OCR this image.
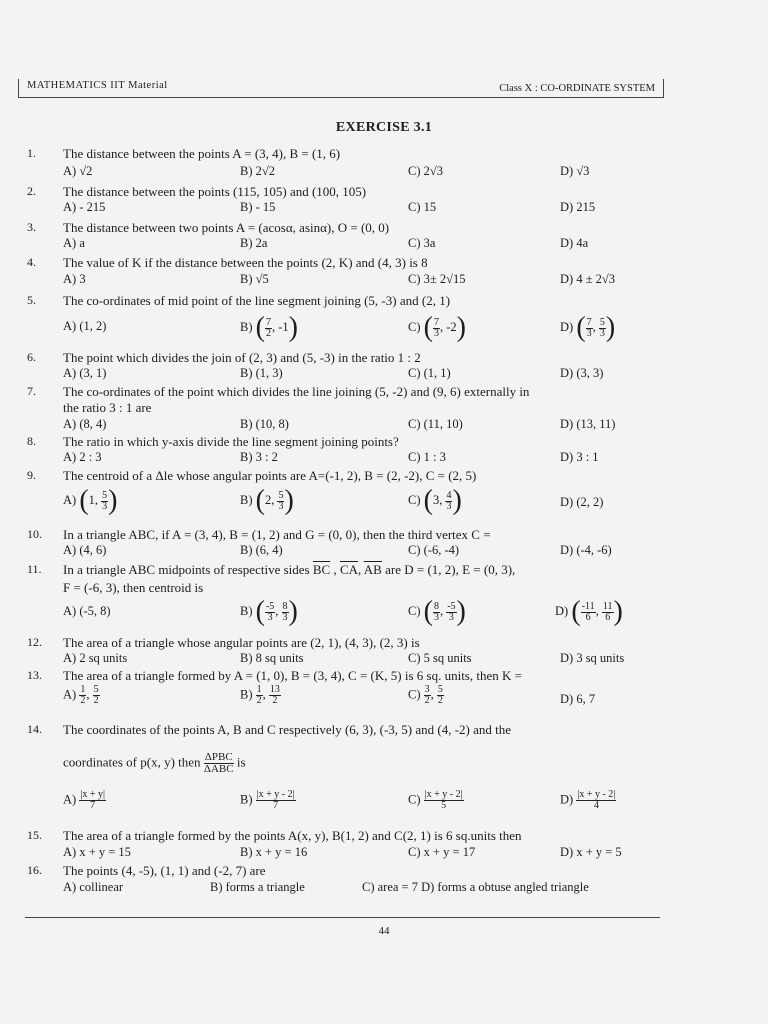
MATHEMATICS IIT Material	Class X : CO-ORDINATE SYSTEM
EXERCISE 3.1
1. The distance between the points A = (3, 4), B = (1, 6)
A) √2	B) 2√2	C) 2√3	D) √3
2. The distance between the points (115, 105) and (100, 105)
A) - 215	B) - 15	C) 15	D) 215
3. The distance between two points A = (acosα, asinα), O = (0, 0)
A) a	B) 2a	C) 3a	D) 4a
4. The value of K if the distance between the points (2, K) and (4, 3) is 8
A) 3	B) √5	C) 3± 2√15	D) 4 ± 2√3
5. The co-ordinates of mid point of the line segment joining (5, -3) and (2, 1)
A) (1, 2)	B) ( $\frac{7}{2}$ , -1)	C) ( $\frac{7}{3}$ , -2)	D) ( $\frac{7}{3}$ , $\frac{5}{3}$ )
6. The point which divides the join of (2, 3) and (5, -3) in the ratio 1 : 2
A) (3, 1)	B) (1, 3)	C) (1, 1)	D) (3, 3)
7. The co-ordinates of the point which divides the line joining (5, -2) and (9, 6) externally in
the ratio 3 : 1 are
A) (8, 4)	B) (10, 8)	C) (11, 10)	D) (13, 11)
8. The ratio in which y-axis divide the line segment joining points?
A) 2 : 3	B) 3 : 2	C) 1 : 3	D) 3 : 1
9. The centroid of a Δle whose angular points are A=(-1, 2), B = (2, -2), C = (2, 5)
A) (1, $\frac{5}{3}$ )	B) (2, $\frac{5}{3}$ )	C) (3, $\frac{4}{3}$ )	D) (2, 2)
10. In a triangle ABC, if A = (3, 4), B = (1, 2) and G = (0, 0), then the third vertex C =
A) (4, 6)	B) (6, 4)	C) (-6, -4)	D) (-4, -6)
11. In a triangle ABC midpoints of respective sides $\overline{BC}$ , $\overline{CA}$, $\overline{AB}$ are D = (1, 2), E = (0, 3),
F = (-6, 3), then centroid is
A) (-5, 8)	B) ( $\frac{-5}{3}$ , $\frac{8}{3}$ )	C) ( $\frac{8}{3}$ , $\frac{-5}{3}$ )	D) ( $\frac{-11}{6}$ , $\frac{11}{6}$ )
12. The area of a triangle whose angular points are (2, 1), (4, 3), (2, 3) is
A) 2 sq units	B) 8 sq units	C) 5 sq units	D) 3 sq units
13. The area of a triangle formed by A = (1, 0), B = (3, 4), C = (K, 5) is 6 sq. units, then K =
$A) \frac{1}{2}$ , $\frac{5}{2}$	$B) \frac{1}{2}$ , $\frac{13}{2}$	$C) \frac{3}{2}$ , $\frac{5}{2}$	D) 6, 7
14. The coordinates of the points A, B and C respectively (6, 3), (-3, 5) and (4, -2) and the
coordinates of p(x, y) then $\frac{\text{ΔPBC}}{\text{ΔABC}}$ is
$A) \frac{|x + y|}{7}$	$B) \frac{|x + y - 2|}{7}$	$C) \frac{|x + y - 2|}{5}$	$D) \frac{|x + y - 2|}{4}$
15. The area of a triangle formed by the points A(x, y), B(1, 2) and C(2, 1) is 6 sq.units then
A) x + y = 15	B) x + y = 16	C) x + y = 17	D) x + y = 5
16. The points (4, -5), (1, 1) and (-2, 7) are
A) collinear	B) forms a triangle	C) area = 7 D) forms a obtuse angled triangle
44
